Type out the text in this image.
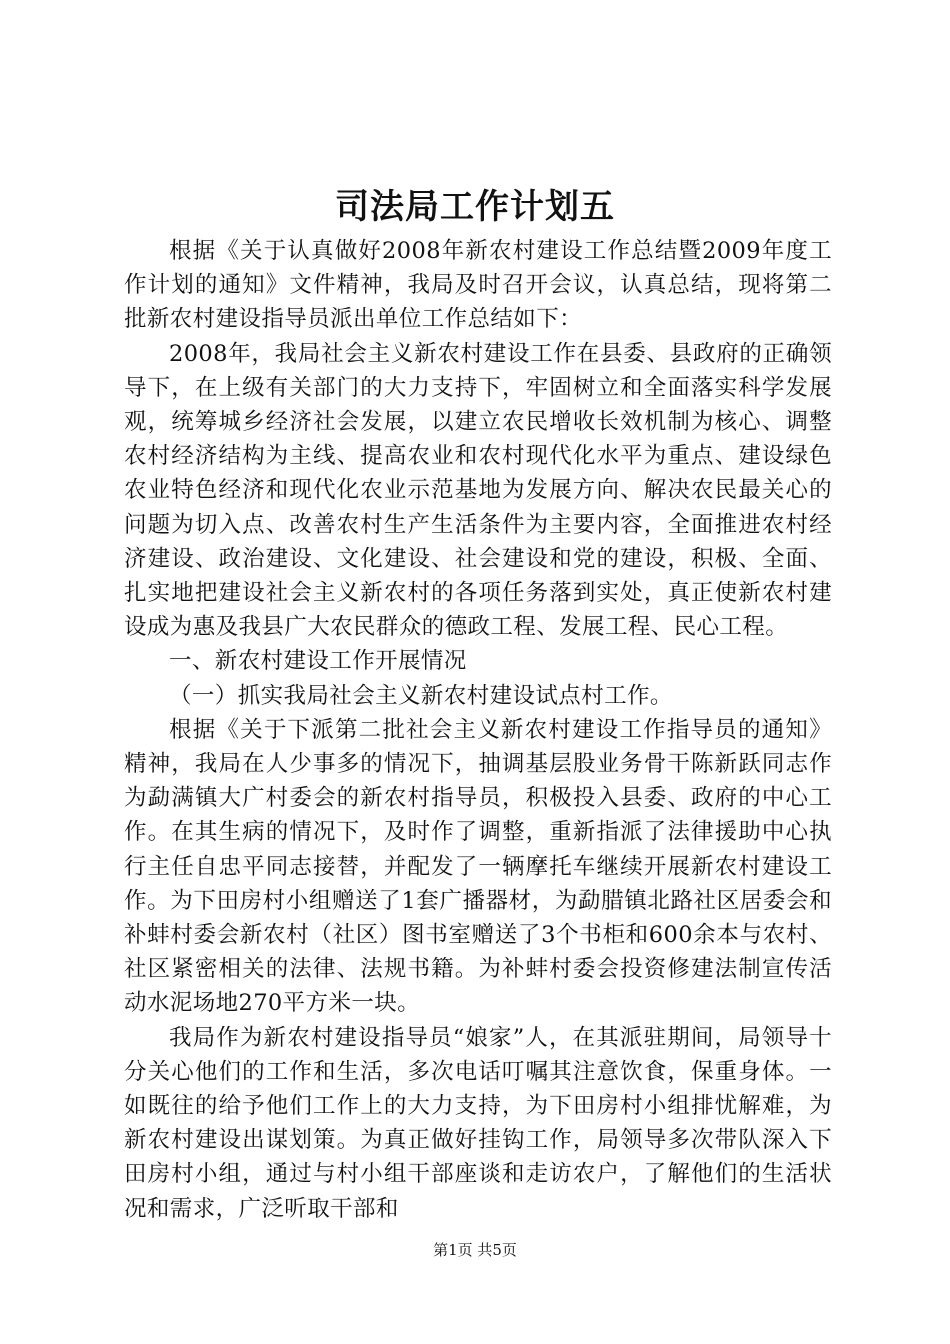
司法局工作计划五

根据《关于认真做好2008年新农村建设工作总结暨2009年度工作计划的通知》文件精神，我局及时召开会议，认真总结，现将第二批新农村建设指导员派出单位工作总结如下：

2008年，我局社会主义新农村建设工作在县委、县政府的正确领导下，在上级有关部门的大力支持下，牢固树立和全面落实科学发展观，统筹城乡经济社会发展，以建立农民增收长效机制为核心、调整农村经济结构为主线、提高农业和农村现代化水平为重点、建设绿色农业特色经济和现代化农业示范基地为发展方向、解决农民最关心的问题为切入点、改善农村生产生活条件为主要内容，全面推进农村经济建设、政治建设、文化建设、社会建设和党的建设，积极、全面、扎实地把建设社会主义新农村的各项任务落到实处，真正使新农村建设成为惠及我县广大农民群众的德政工程、发展工程、民心工程。

一、新农村建设工作开展情况

（一）抓实我局社会主义新农村建设试点村工作。

根据《关于下派第二批社会主义新农村建设工作指导员的通知》精神，我局在人少事多的情况下，抽调基层股业务骨干陈新跃同志作为勐满镇大广村委会的新农村指导员，积极投入县委、政府的中心工作。在其生病的情况下，及时作了调整，重新指派了法律援助中心执行主任自忠平同志接替，并配发了一辆摩托车继续开展新农村建设工作。为下田房村小组赠送了1套广播器材，为勐腊镇北路社区居委会和补蚌村委会新农村（社区）图书室赠送了3个书柜和600余本与农村、社区紧密相关的法律、法规书籍。为补蚌村委会投资修建法制宣传活动水泥场地270平方米一块。

我局作为新农村建设指导员“娘家”人，在其派驻期间，局领导十分关心他们的工作和生活，多次电话叮嘱其注意饮食，保重身体。一如既往的给予他们工作上的大力支持，为下田房村小组排忧解难，为新农村建设出谋划策。为真正做好挂钩工作，局领导多次带队深入下田房村小组，通过与村小组干部座谈和走访农户，了解他们的生活状况和需求，广泛听取干部和

第1页 共5页
